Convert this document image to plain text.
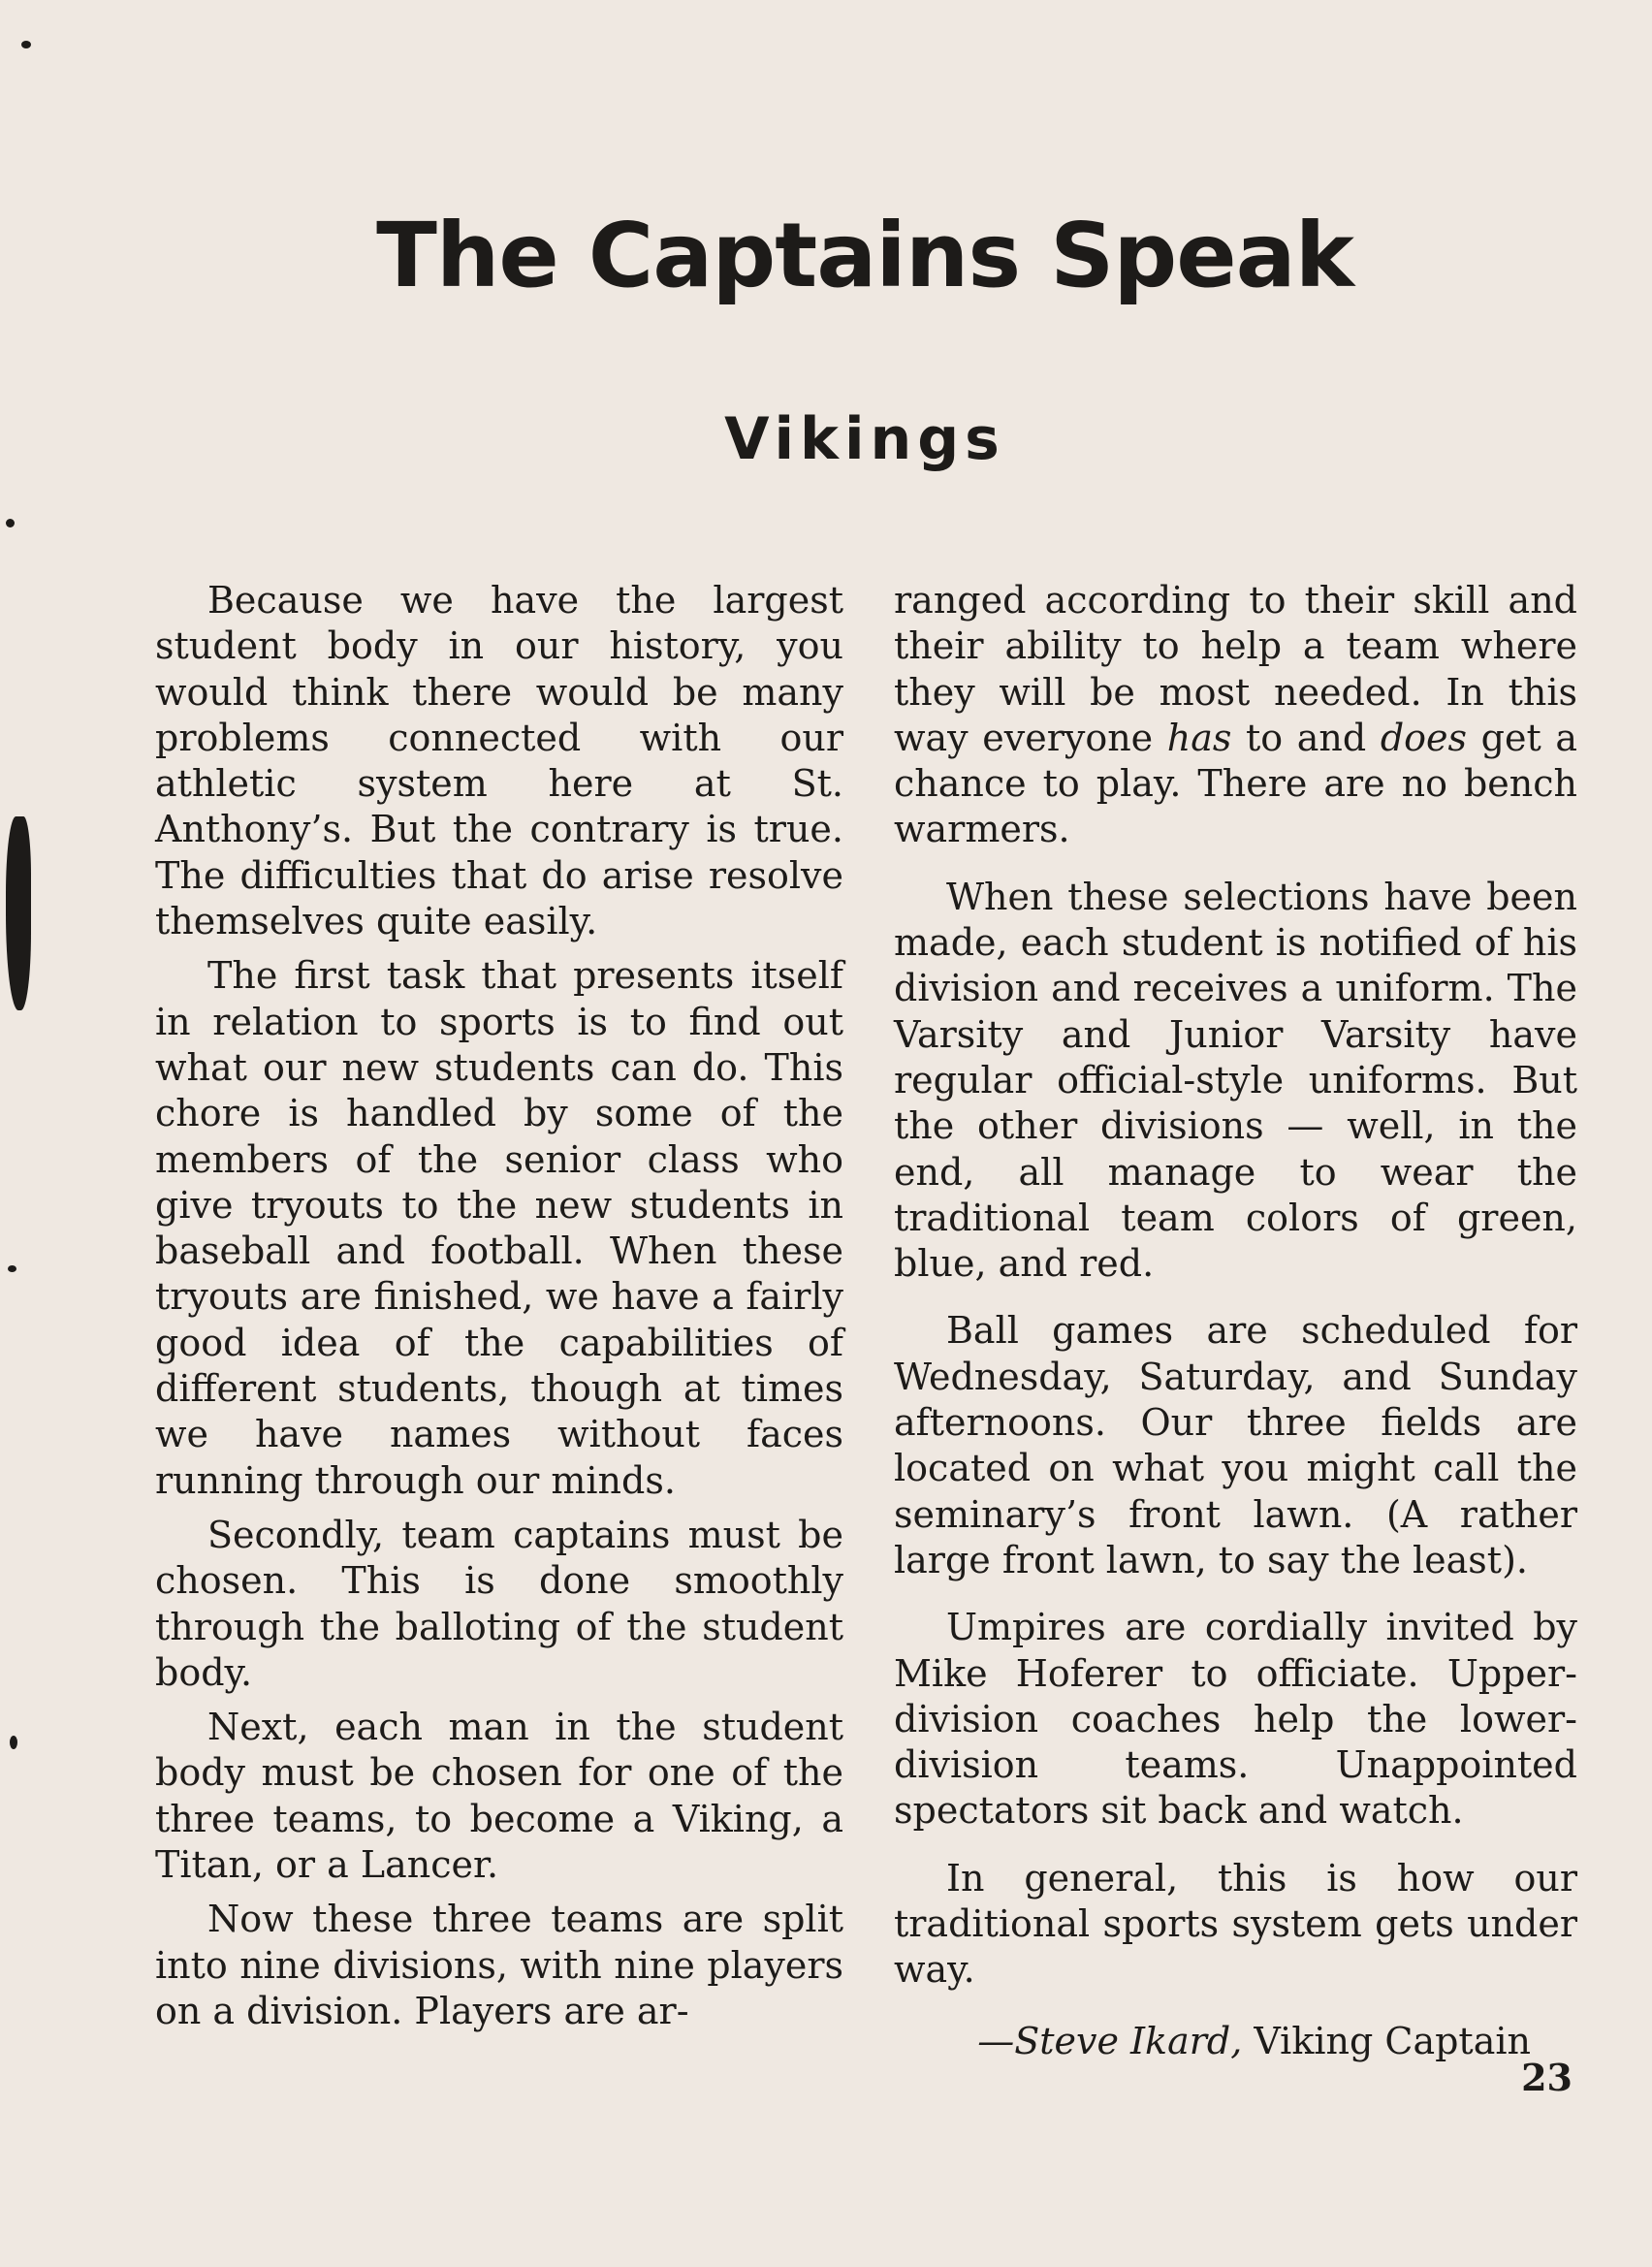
The Captains Speak
Vikings

Because we have the largest student body in our history, you would think there would be many problems connected with our athletic system here at St. Anthony’s. But the contrary is true. The difficulties that do arise resolve themselves quite easily.

The first task that presents itself in relation to sports is to find out what our new students can do. This chore is handled by some of the members of the senior class who give tryouts to the new students in baseball and football. When these tryouts are finished, we have a fairly good idea of the capabilities of different students, though at times we have names without faces running through our minds.

Secondly, team captains must be chosen. This is done smoothly through the balloting of the student body.

Next, each man in the student body must be chosen for one of the three teams, to become a Viking, a Titan, or a Lancer.

Now these three teams are split into nine divisions, with nine players on a division. Players are ar-

ranged according to their skill and their ability to help a team where they will be most needed. In this way everyone has to and does get a chance to play. There are no bench warmers.

When these selections have been made, each student is notified of his division and receives a uniform. The Varsity and Junior Varsity have regular official-style uniforms. But the other divisions — well, in the end, all manage to wear the traditional team colors of green, blue, and red.

Ball games are scheduled for Wednesday, Saturday, and Sunday afternoons. Our three fields are located on what you might call the seminary’s front lawn. (A rather large front lawn, to say the least).

Umpires are cordially invited by Mike Hoferer to officiate. Upper-division coaches help the lower-division teams. Unappointed spectators sit back and watch.

In general, this is how our traditional sports system gets under way.

—Steve Ikard, Viking Captain

23
